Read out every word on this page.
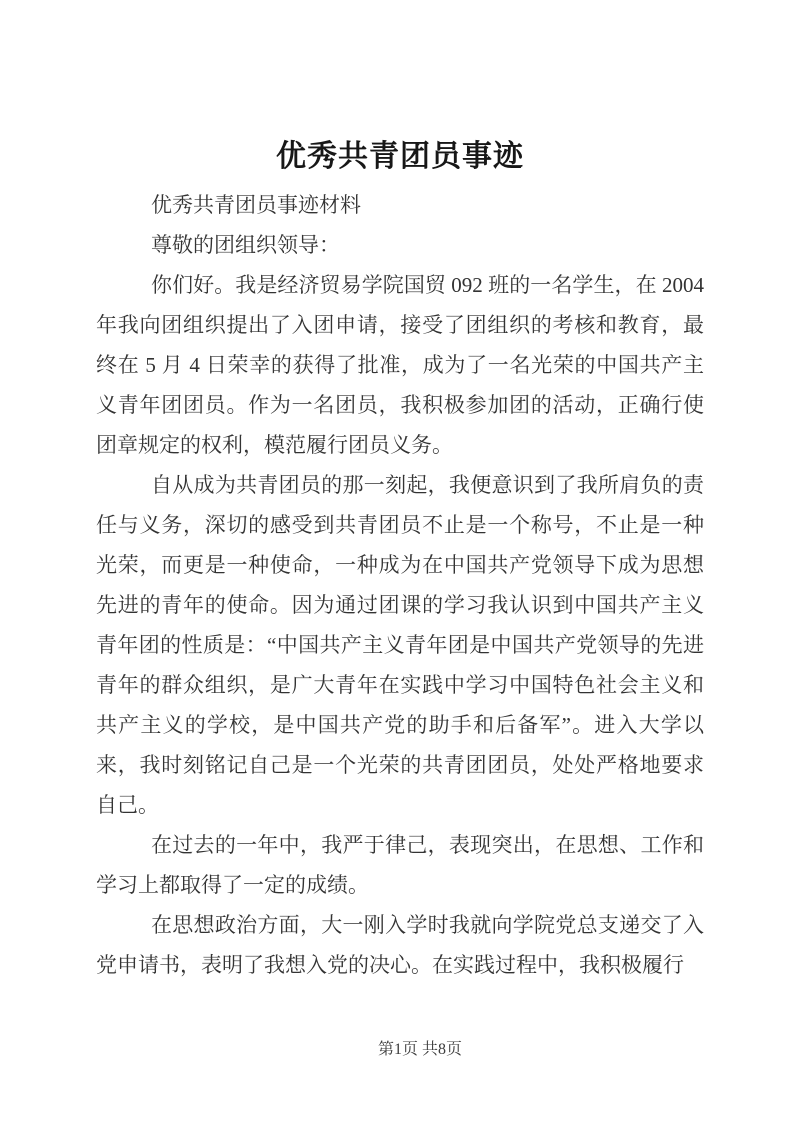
优秀共青团员事迹

优秀共青团员事迹材料

尊敬的团组织领导：

你们好。我是经济贸易学院国贸 092 班的一名学生，在 2004 年我向团组织提出了入团申请，接受了团组织的考核和教育，最终在 5 月 4 日荣幸的获得了批准，成为了一名光荣的中国共产主义青年团团员。作为一名团员，我积极参加团的活动，正确行使团章规定的权利，模范履行团员义务。

自从成为共青团员的那一刻起，我便意识到了我所肩负的责任与义务，深切的感受到共青团员不止是一个称号，不止是一种光荣，而更是一种使命，一种成为在中国共产党领导下成为思想先进的青年的使命。因为通过团课的学习我认识到中国共产主义青年团的性质是：“中国共产主义青年团是中国共产党领导的先进青年的群众组织，是广大青年在实践中学习中国特色社会主义和共产主义的学校，是中国共产党的助手和后备军”。进入大学以来，我时刻铭记自己是一个光荣的共青团团员，处处严格地要求自己。

在过去的一年中，我严于律己，表现突出，在思想、工作和学习上都取得了一定的成绩。

在思想政治方面，大一刚入学时我就向学院党总支递交了入党申请书，表明了我想入党的决心。在实践过程中，我积极履行

第1页 共8页
